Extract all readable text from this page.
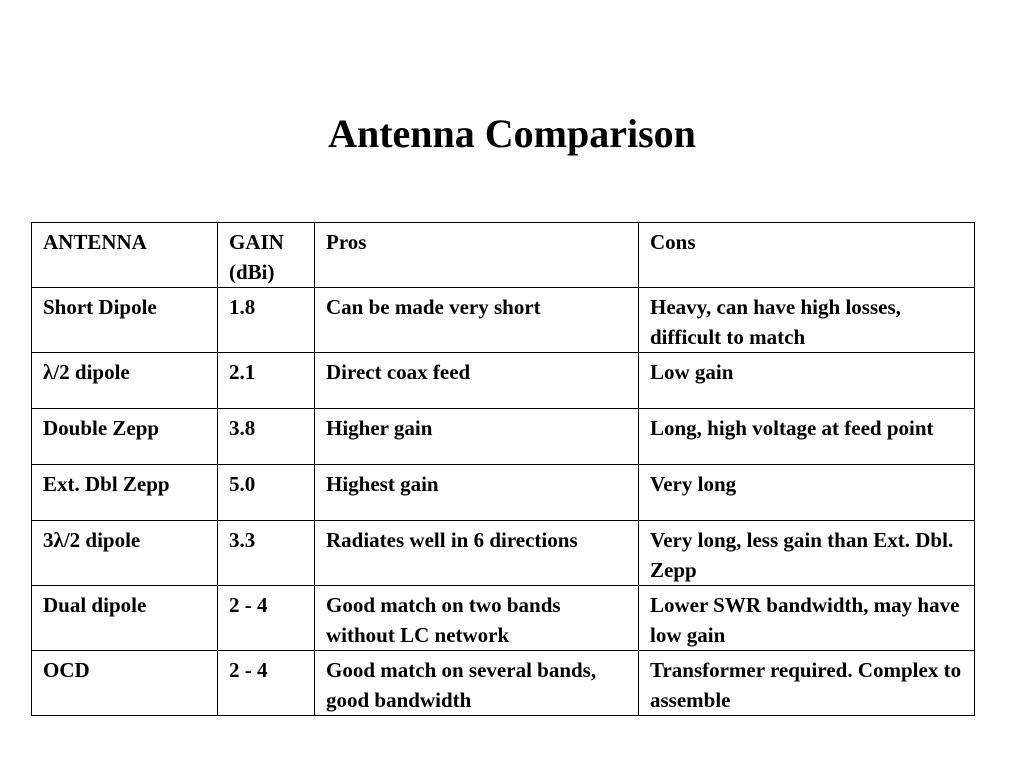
Antenna Comparison
ANTENNA	GAIN (dBi)	Pros	Cons
Short Dipole	1.8	Can be made very short	Heavy, can have high losses, difficult to match
λ/2 dipole	2.1	Direct coax feed	Low gain
Double Zepp	3.8	Higher gain	Long, high voltage at feed point
Ext. Dbl Zepp	5.0	Highest gain	Very long
3λ/2 dipole	3.3	Radiates well in 6 directions	Very long, less gain than Ext. Dbl. Zepp
Dual dipole	2 - 4	Good match on two bands without LC network	Lower SWR bandwidth, may have low gain
OCD	2 - 4	Good match on several bands, good bandwidth	Transformer required. Complex to assemble
